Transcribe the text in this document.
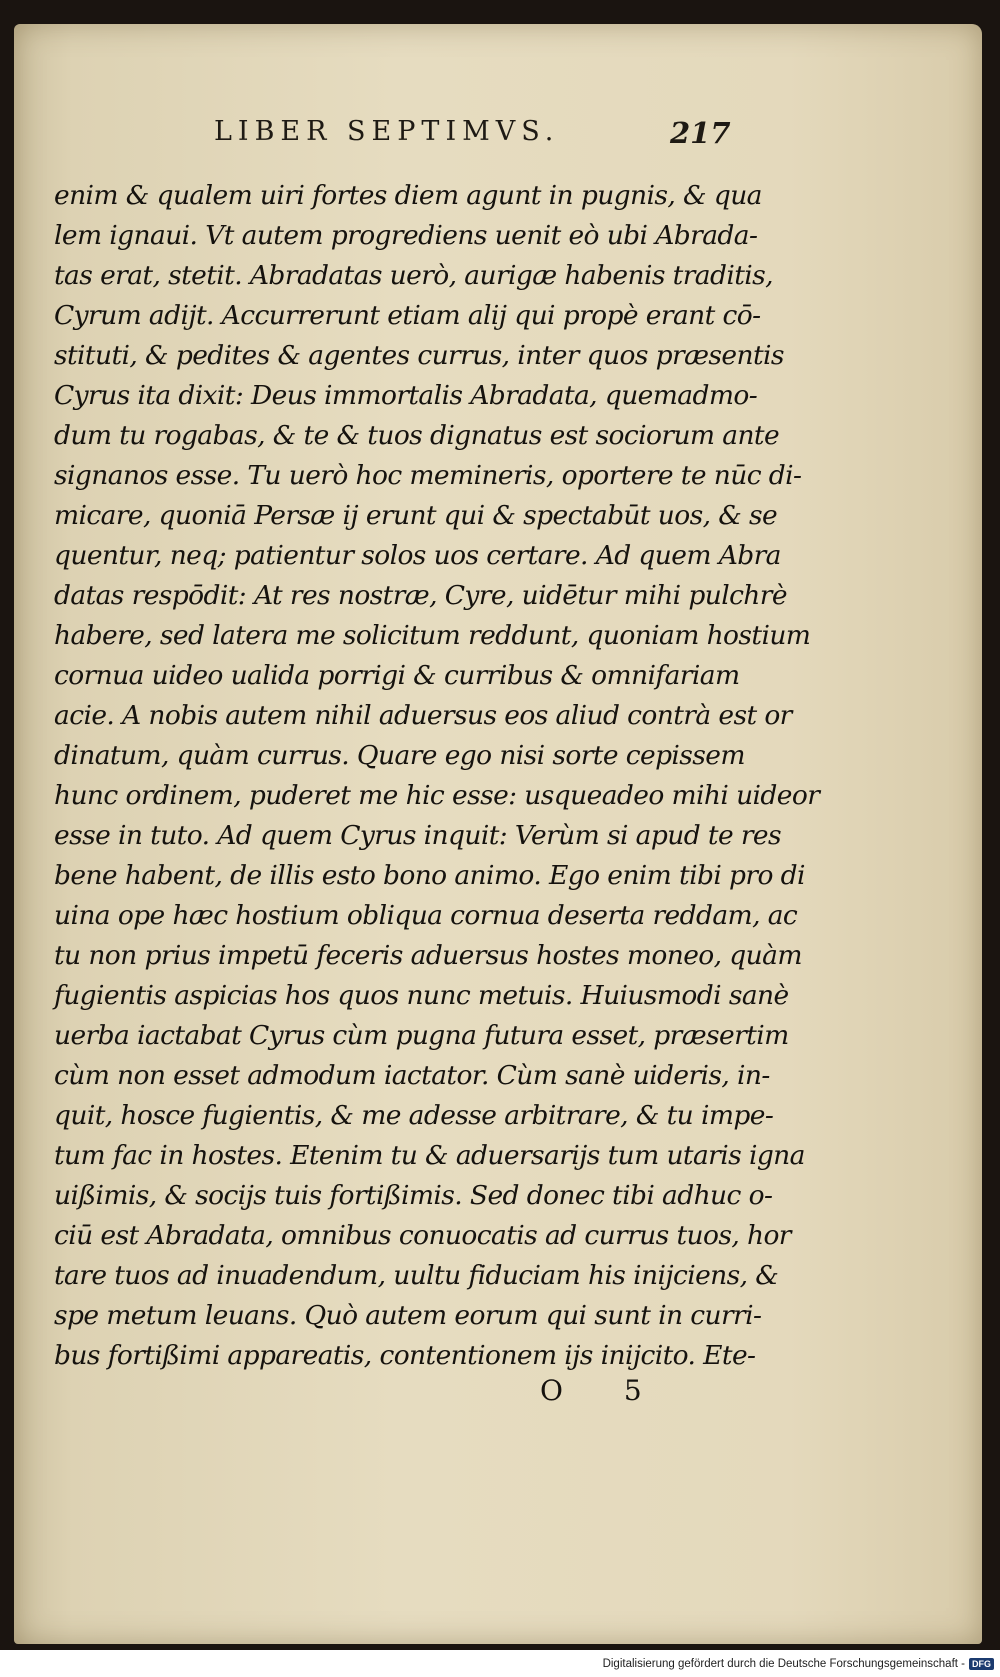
LIBER SEPTIMVS.	217
enim & qualem uiri fortes diem agunt in pugnis, & qua
lem ignaui. Vt autem progrediens uenit eò ubi Abrada-
tas erat, stetit. Abradatas uerò, aurigæ habenis traditis,
Cyrum adijt. Accurrerunt etiam alij qui propè erant cō-
stituti, & pedites & agentes currus, inter quos præsentis
Cyrus ita dixit: Deus immortalis Abradata, quemadmo-
dum tu rogabas, & te & tuos dignatus est sociorum ante
signanos esse. Tu uerò hoc memineris, oportere te nūc di-
micare, quoniā Persæ ij erunt qui & spectabūt uos, & se
quentur, neq; patientur solos uos certare. Ad quem Abra
datas respōdit: At res nostræ, Cyre, uidētur mihi pulchrè
habere, sed latera me solicitum reddunt, quoniam hostium
cornua uideo ualida porrigi & curribus & omnifariam
acie. A nobis autem nihil aduersus eos aliud contrà est or
dinatum, quàm currus. Quare ego nisi sorte cepissem
hunc ordinem, puderet me hic esse: usqueadeo mihi uideor
esse in tuto. Ad quem Cyrus inquit: Verùm si apud te res
bene habent, de illis esto bono animo. Ego enim tibi pro di
uina ope hæc hostium obliqua cornua deserta reddam, ac
tu non prius impetū feceris aduersus hostes moneo, quàm
fugientis aspicias hos quos nunc metuis. Huiusmodi sanè
uerba iactabat Cyrus cùm pugna futura esset, præsertim
cùm non esset admodum iactator. Cùm sanè uideris, in-
quit, hosce fugientis, & me adesse arbitrare, & tu impe-
tum fac in hostes. Etenim tu & aduersarijs tum utaris igna
uißimis, & socijs tuis fortißimis. Sed donec tibi adhuc o-
ciū est Abradata, omnibus conuocatis ad currus tuos, hor
tare tuos ad inuadendum, uultu fiduciam his inijciens, &
spe metum leuans. Quò autem eorum qui sunt in curri-
bus fortißimi appareatis, contentionem ijs inijcito. Ete-
O 5
Digitalisierung gefördert durch die Deutsche Forschungsgemeinschaft - DFG
